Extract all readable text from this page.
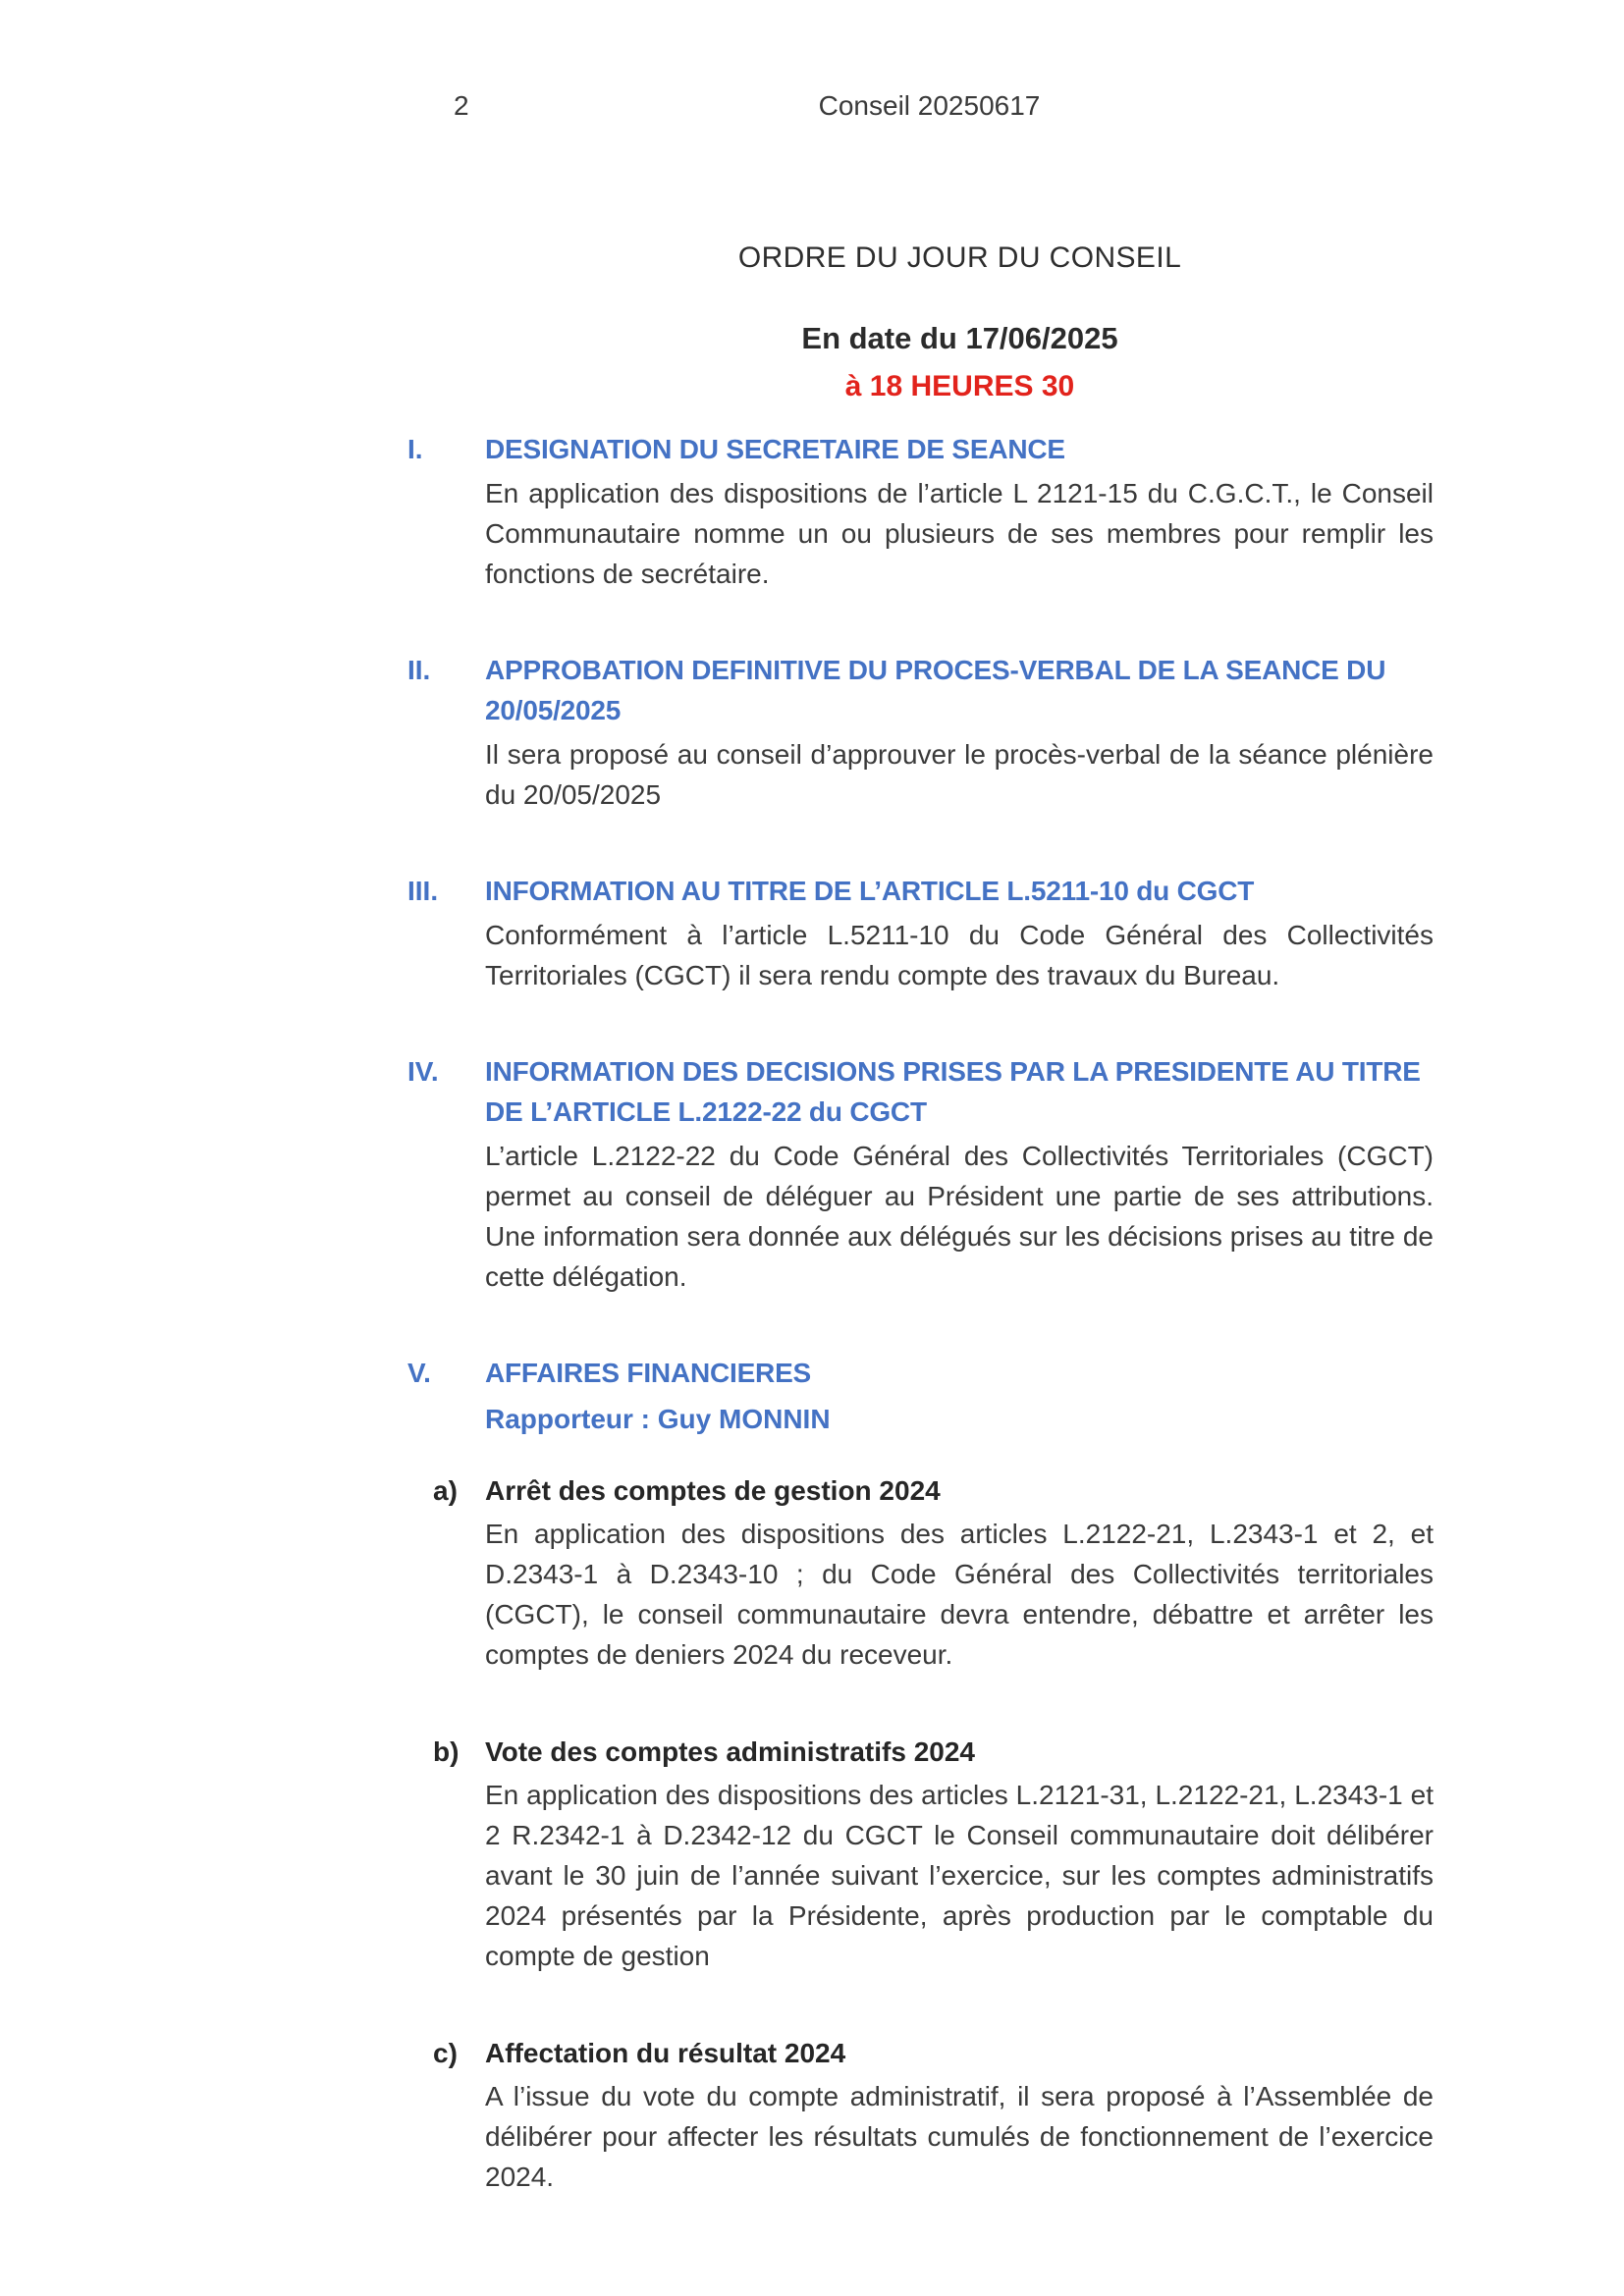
2	Conseil 20250617
ORDRE DU JOUR DU CONSEIL
En date du 17/06/2025
à 18 HEURES 30
I.	DESIGNATION DU SECRETAIRE DE SEANCE

En application des dispositions de l’article L 2121-15 du C.G.C.T., le Conseil Communautaire nomme un ou plusieurs de ses membres pour remplir les fonctions de secrétaire.

II.	APPROBATION DEFINITIVE DU PROCES-VERBAL DE LA SEANCE DU 20/05/2025

Il sera proposé au conseil d’approuver le procès-verbal de la séance plénière du 20/05/2025

III.	INFORMATION AU TITRE DE L’ARTICLE L.5211-10 du CGCT

Conformément à l’article L.5211-10 du Code Général des Collectivités Territoriales (CGCT) il sera rendu compte des travaux du Bureau.

IV.	INFORMATION DES DECISIONS PRISES PAR LA PRESIDENTE AU TITRE DE L’ARTICLE L.2122-22 du CGCT

L’article L.2122-22 du Code Général des Collectivités Territoriales (CGCT) permet au conseil de déléguer au Président une partie de ses attributions. Une information sera donnée aux délégués sur les décisions prises au titre de cette délégation.

V.	AFFAIRES FINANCIERES
Rapporteur : Guy MONNIN
a)	Arrêt des comptes de gestion 2024

En application des dispositions des articles L.2122-21, L.2343-1 et 2, et D.2343-1 à D.2343-10 ; du Code Général des Collectivités territoriales (CGCT), le conseil communautaire devra entendre, débattre et arrêter les comptes de deniers 2024 du receveur.

b) Vote des comptes administratifs 2024

En application des dispositions des articles L.2121-31, L.2122-21, L.2343-1 et 2 R.2342-1 à D.2342-12 du CGCT le Conseil communautaire doit délibérer avant le 30 juin de l’année suivant l’exercice, sur les comptes administratifs 2024 présentés par la Présidente, après production par le comptable du compte de gestion

c)	Affectation du résultat 2024

A l’issue du vote du compte administratif, il sera proposé à l’Assemblée de délibérer pour affecter les résultats cumulés de fonctionnement de l’exercice 2024.
